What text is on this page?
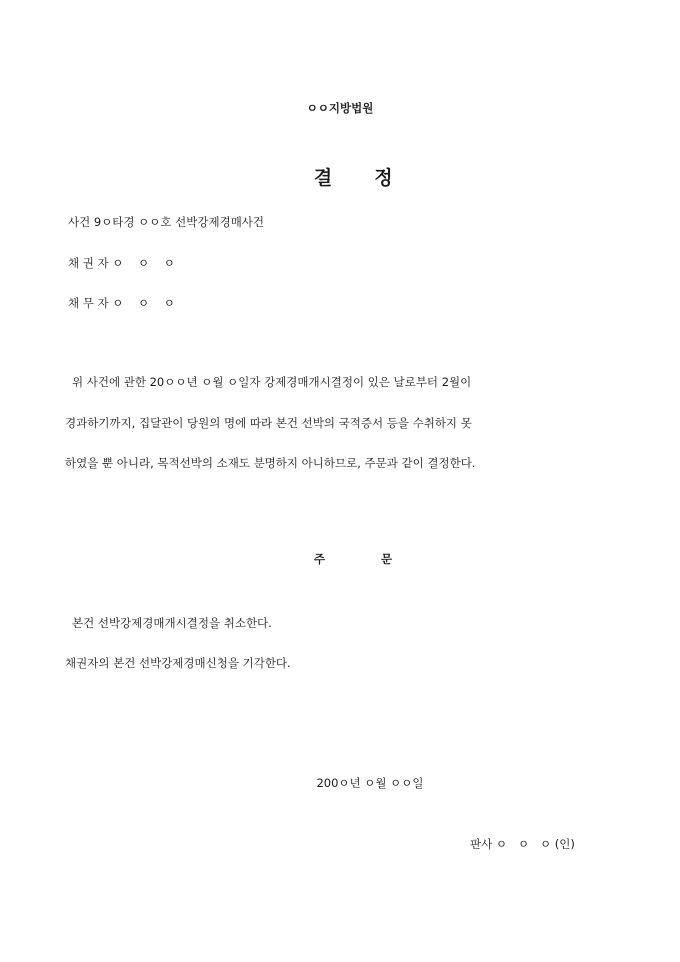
ㅇㅇ지방법원

결 정

사건 9ㅇ타경 ㅇㅇ호 선박강제경매사건
채 권 자 ㅇ    ㅇ    ㅇ
채 무 자 ㅇ    ㅇ    ㅇ
위 사건에 관한 20ㅇㅇ년 ㅇ월 ㅇ일자 강제경매개시결정이 있은 날로부터 2월이
경과하기까지, 집달관이 당원의 명에 따라 본건 선박의 국적증서 등을 수취하지 못
하였을 뿐 아니라, 목적선박의 소재도 분명하지 아니하므로, 주문과 같이 결정한다.

주	문

본건 선박강제경매개시결정을 취소한다.
채권자의 본건 선박강제경매신청을 기각한다.
200ㅇ년 ㅇ월 ㅇㅇ일
판사 ㅇ   ㅇ   ㅇ (인)
